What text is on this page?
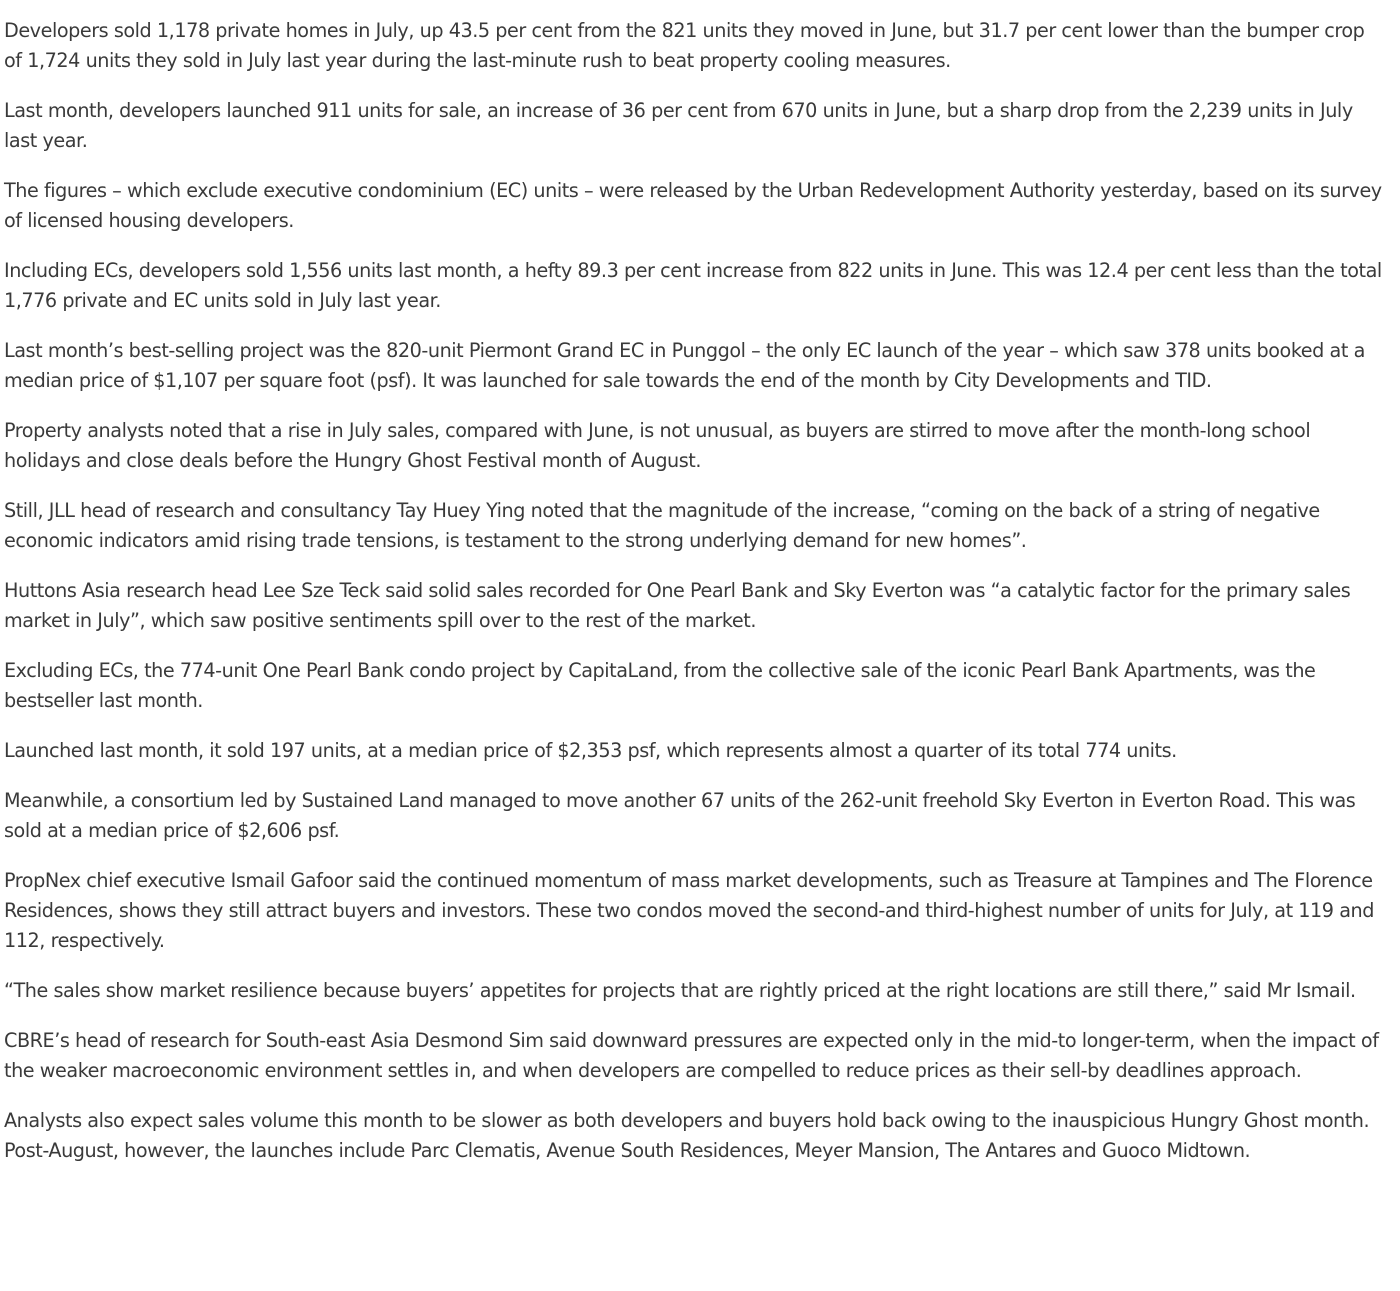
Developers sold 1,178 private homes in July, up 43.5 per cent from the 821 units they moved in June, but 31.7 per cent lower than the bumper crop of 1,724 units they sold in July last year during the last-minute rush to beat property cooling measures.

Last month, developers launched 911 units for sale, an increase of 36 per cent from 670 units in June, but a sharp drop from the 2,239 units in July last year.

The figures – which exclude executive condominium (EC) units – were released by the Urban Redevelopment Authority yesterday, based on its survey of licensed housing developers.

Including ECs, developers sold 1,556 units last month, a hefty 89.3 per cent increase from 822 units in June. This was 12.4 per cent less than the total 1,776 private and EC units sold in July last year.

Last month’s best-selling project was the 820-unit Piermont Grand EC in Punggol – the only EC launch of the year – which saw 378 units booked at a median price of $1,107 per square foot (psf). It was launched for sale towards the end of the month by City Developments and TID.

Property analysts noted that a rise in July sales, compared with June, is not unusual, as buyers are stirred to move after the month-long school holidays and close deals before the Hungry Ghost Festival month of August.

Still, JLL head of research and consultancy Tay Huey Ying noted that the magnitude of the increase, “coming on the back of a string of negative economic indicators amid rising trade tensions, is testament to the strong underlying demand for new homes”.

Huttons Asia research head Lee Sze Teck said solid sales recorded for One Pearl Bank and Sky Everton was “a catalytic factor for the primary sales market in July”, which saw positive sentiments spill over to the rest of the market.

Excluding ECs, the 774-unit One Pearl Bank condo project by CapitaLand, from the collective sale of the iconic Pearl Bank Apartments, was the bestseller last month.

Launched last month, it sold 197 units, at a median price of $2,353 psf, which represents almost a quarter of its total 774 units.

Meanwhile, a consortium led by Sustained Land managed to move another 67 units of the 262-unit freehold Sky Everton in Everton Road. This was sold at a median price of $2,606 psf.

PropNex chief executive Ismail Gafoor said the continued momentum of mass market developments, such as Treasure at Tampines and The Florence Residences, shows they still attract buyers and investors. These two condos moved the second-and third-highest number of units for July, at 119 and 112, respectively.

“The sales show market resilience because buyers’ appetites for projects that are rightly priced at the right locations are still there,” said Mr Ismail.

CBRE’s head of research for South-east Asia Desmond Sim said downward pressures are expected only in the mid-to longer-term, when the impact of the weaker macroeconomic environment settles in, and when developers are compelled to reduce prices as their sell-by deadlines approach.

Analysts also expect sales volume this month to be slower as both developers and buyers hold back owing to the inauspicious Hungry Ghost month. Post-August, however, the launches include Parc Clematis, Avenue South Residences, Meyer Mansion, The Antares and Guoco Midtown.
